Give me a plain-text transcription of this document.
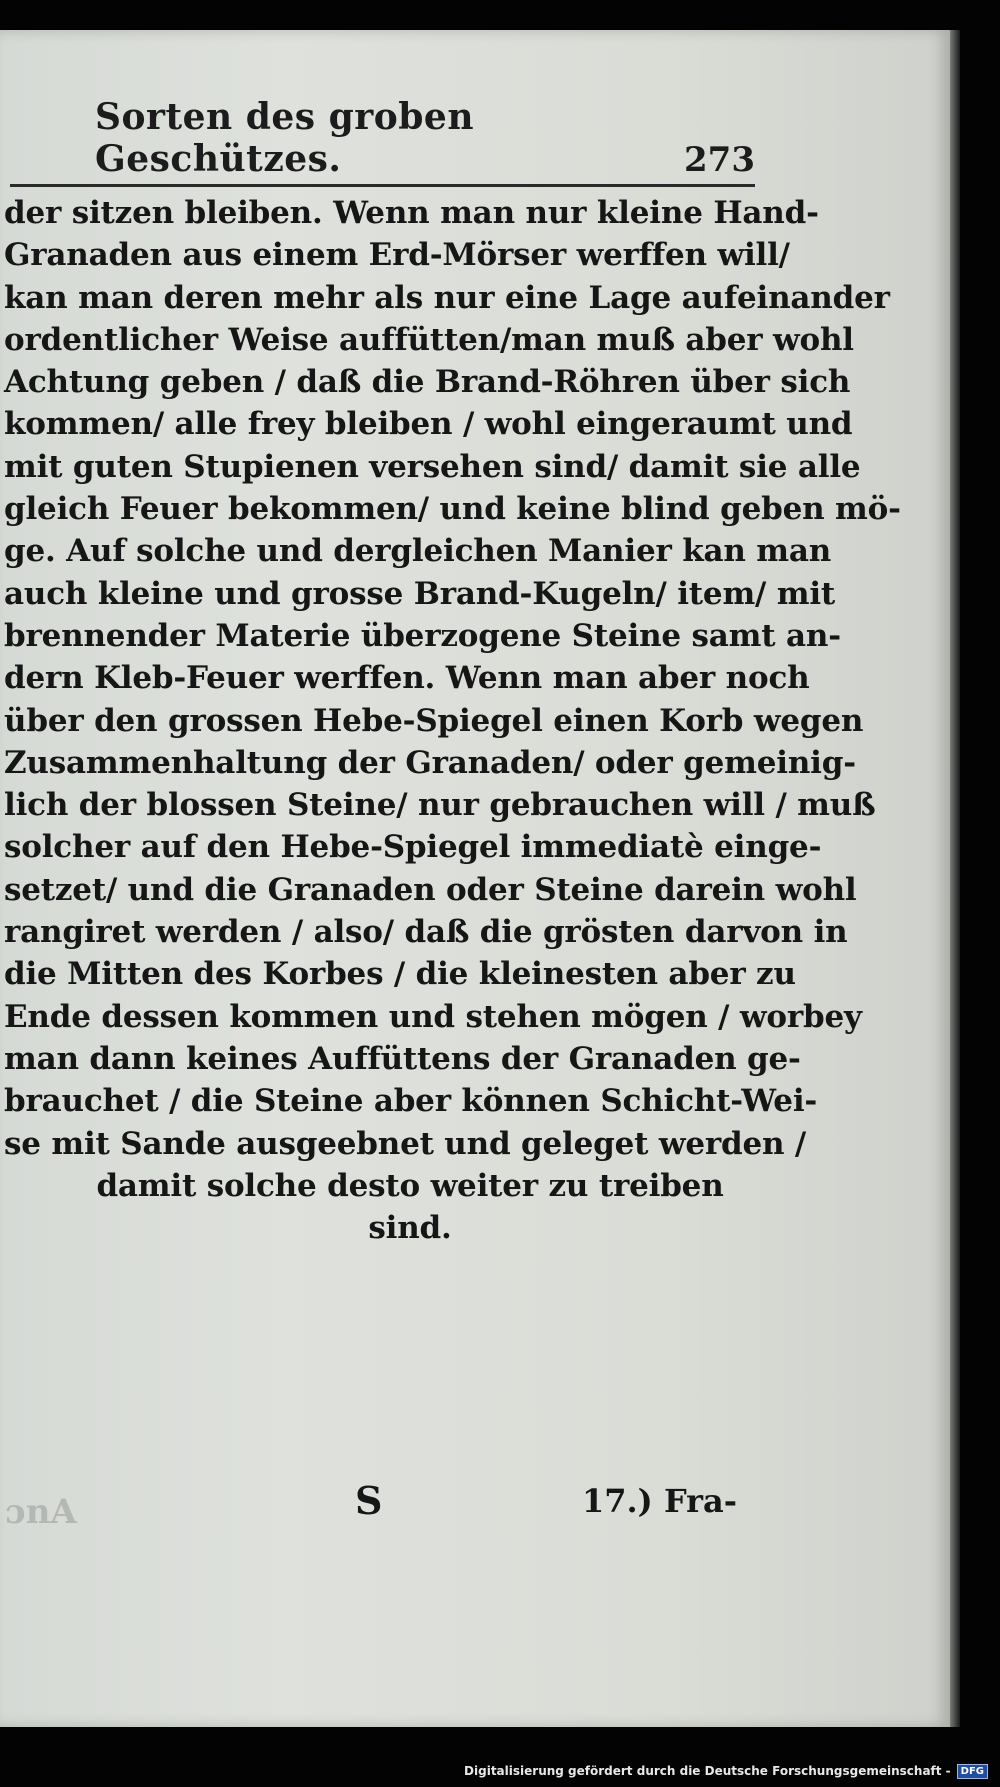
Sorten des groben Geschützes.	273
der sitzen bleiben. Wenn man nur kleine Hand-
Granaden aus einem Erd-Mörser werffen will/
kan man deren mehr als nur eine Lage aufeinander
ordentlicher Weise auffütten/man muß aber wohl
Achtung geben / daß die Brand-Röhren über sich
kommen/ alle frey bleiben / wohl eingeraumt und
mit guten Stupienen versehen sind/ damit sie alle
gleich Feuer bekommen/ und keine blind geben mö-
ge. Auf solche und dergleichen Manier kan man
auch kleine und grosse Brand-Kugeln/ item/ mit
brennender Materie überzogene Steine samt an-
dern Kleb-Feuer werffen. Wenn man aber noch
über den grossen Hebe-Spiegel einen Korb wegen
Zusammenhaltung der Granaden/ oder gemeinig-
lich der blossen Steine/ nur gebrauchen will / muß
solcher auf den Hebe-Spiegel immediatè einge-
setzet/ und die Granaden oder Steine darein wohl
rangiret werden / also/ daß die grösten darvon in
die Mitten des Korbes / die kleinesten aber zu
Ende dessen kommen und stehen mögen / worbey
man dann keines Auffüttens der Granaden ge-
brauchet / die Steine aber können Schicht-Wei-
se mit Sande ausgeebnet und geleget werden /
damit solche desto weiter zu treiben
sind.
ɔnA	S	17.) Fra-
Digitalisierung gefördert durch die Deutsche Forschungsgemeinschaft -	DFG
